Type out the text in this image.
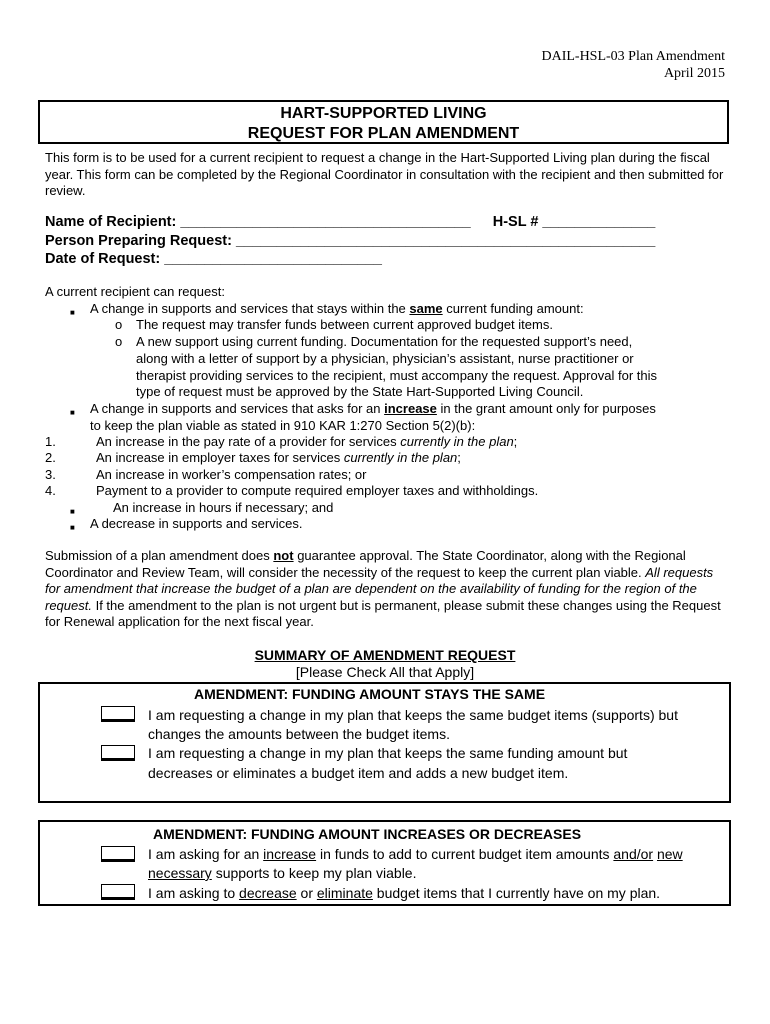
DAIL-HSL-03 Plan Amendment
April 2015
HART-SUPPORTED LIVING
REQUEST FOR PLAN AMENDMENT
This form is to be used for a current recipient to request a change in the Hart-Supported Living plan during the fiscal year. This form can be completed by the Regional Coordinator in consultation with the recipient and then submitted for review.
Name of Recipient: ____________________________________ H-SL # ______________
Person Preparing Request: ____________________________________________________
Date of Request: ___________________________
A current recipient can request:
■ A change in supports and services that stays within the same current funding amount:
o The request may transfer funds between current approved budget items.
o A new support using current funding. Documentation for the requested support’s need,
along with a letter of support by a physician, physician’s assistant, nurse practitioner or
therapist providing services to the recipient, must accompany the request. Approval for this
type of request must be approved by the State Hart-Supported Living Council.
■ A change in supports and services that asks for an increase in the grant amount only for purposes
to keep the plan viable as stated in 910 KAR 1:270 Section 5(2)(b):
1.	An increase in the pay rate of a provider for services currently in the plan;
2.	An increase in employer taxes for services currently in the plan;
3.	An increase in worker’s compensation rates; or
4.	Payment to a provider to compute required employer taxes and withholdings.
■	An increase in hours if necessary; and
■ A decrease in supports and services.
Submission of a plan amendment does not guarantee approval. The State Coordinator, along with the Regional Coordinator and Review Team, will consider the necessity of the request to keep the current plan viable. All requests for amendment that increase the budget of a plan are dependent on the availability of funding for the region of the request. If the amendment to the plan is not urgent but is permanent, please submit these changes using the Request for Renewal application for the next fiscal year.
SUMMARY OF AMENDMENT REQUEST
[Please Check All that Apply]
AMENDMENT: FUNDING AMOUNT STAYS THE SAME
I am requesting a change in my plan that keeps the same budget items (supports) but
changes the amounts between the budget items.
I am requesting a change in my plan that keeps the same funding amount but
decreases or eliminates a budget item and adds a new budget item.
AMENDMENT: FUNDING AMOUNT INCREASES OR DECREASES
I am asking for an increase in funds to add to current budget item amounts and/or new
necessary supports to keep my plan viable.
I am asking to decrease or eliminate budget items that I currently have on my plan.
